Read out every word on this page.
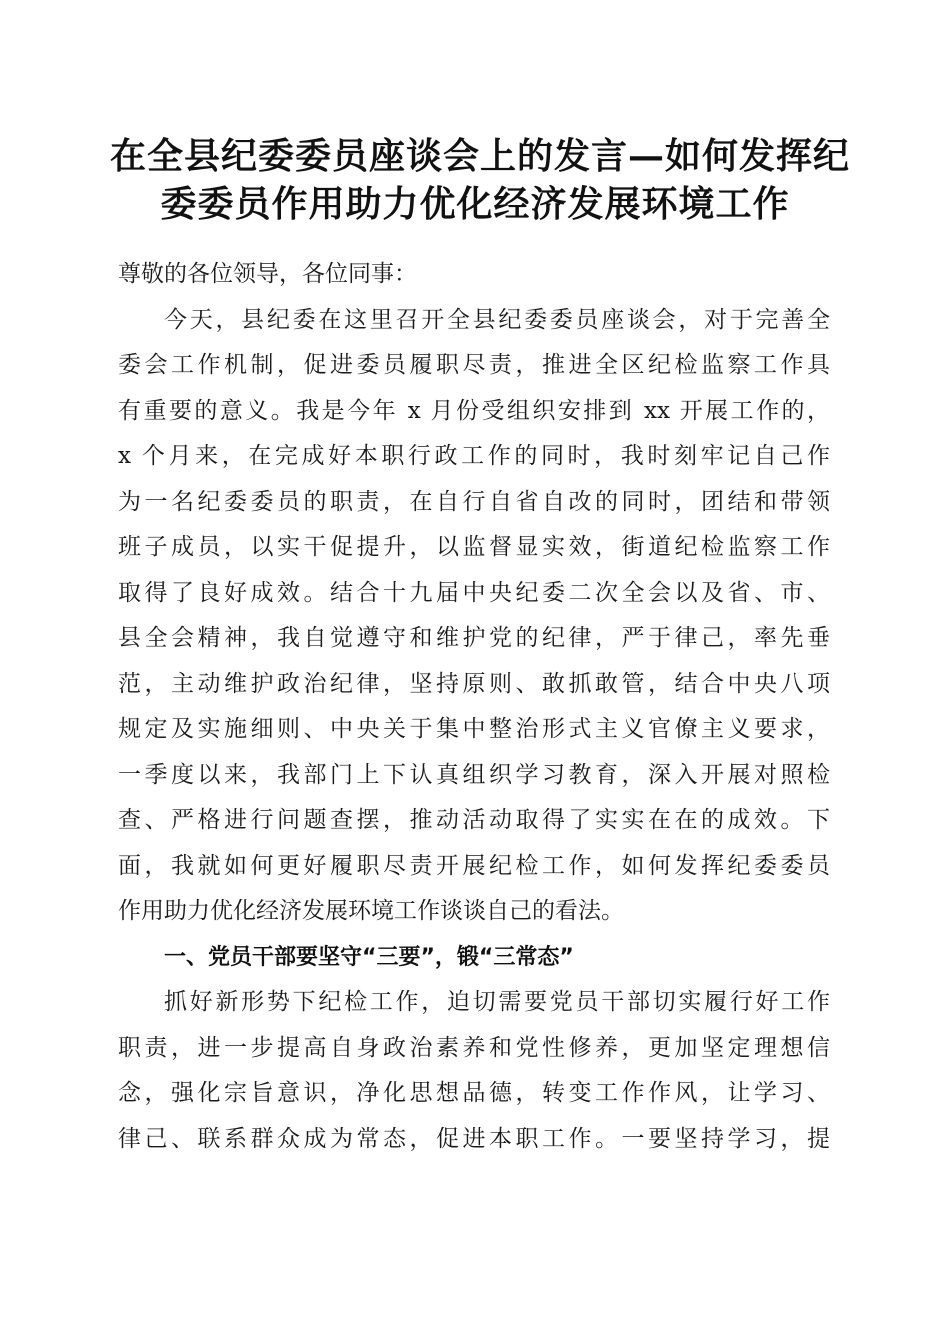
在全县纪委委员座谈会上的发言—如何发挥纪
委委员作用助力优化经济发展环境工作
尊敬的各位领导，各位同事：
今天，县纪委在这里召开全县纪委委员座谈会，对于完善全
委会工作机制，促进委员履职尽责，推进全区纪检监察工作具
有重要的意义。我是今年 x 月份受组织安排到 xx 开展工作的，
x 个月来，在完成好本职行政工作的同时，我时刻牢记自己作
为一名纪委委员的职责，在自行自省自改的同时，团结和带领
班子成员，以实干促提升，以监督显实效，街道纪检监察工作
取得了良好成效。结合十九届中央纪委二次全会以及省、市、
县全会精神，我自觉遵守和维护党的纪律，严于律己，率先垂
范，主动维护政治纪律，坚持原则、敢抓敢管，结合中央八项
规定及实施细则、中央关于集中整治形式主义官僚主义要求，
一季度以来，我部门上下认真组织学习教育，深入开展对照检
查、严格进行问题查摆，推动活动取得了实实在在的成效。下
面，我就如何更好履职尽责开展纪检工作，如何发挥纪委委员
作用助力优化经济发展环境工作谈谈自己的看法。
一、党员干部要坚守“三要”，锻“三常态”
抓好新形势下纪检工作，迫切需要党员干部切实履行好工作
职责，进一步提高自身政治素养和党性修养，更加坚定理想信
念，强化宗旨意识，净化思想品德，转变工作作风，让学习、
律己、联系群众成为常态，促进本职工作。一要坚持学习，提
